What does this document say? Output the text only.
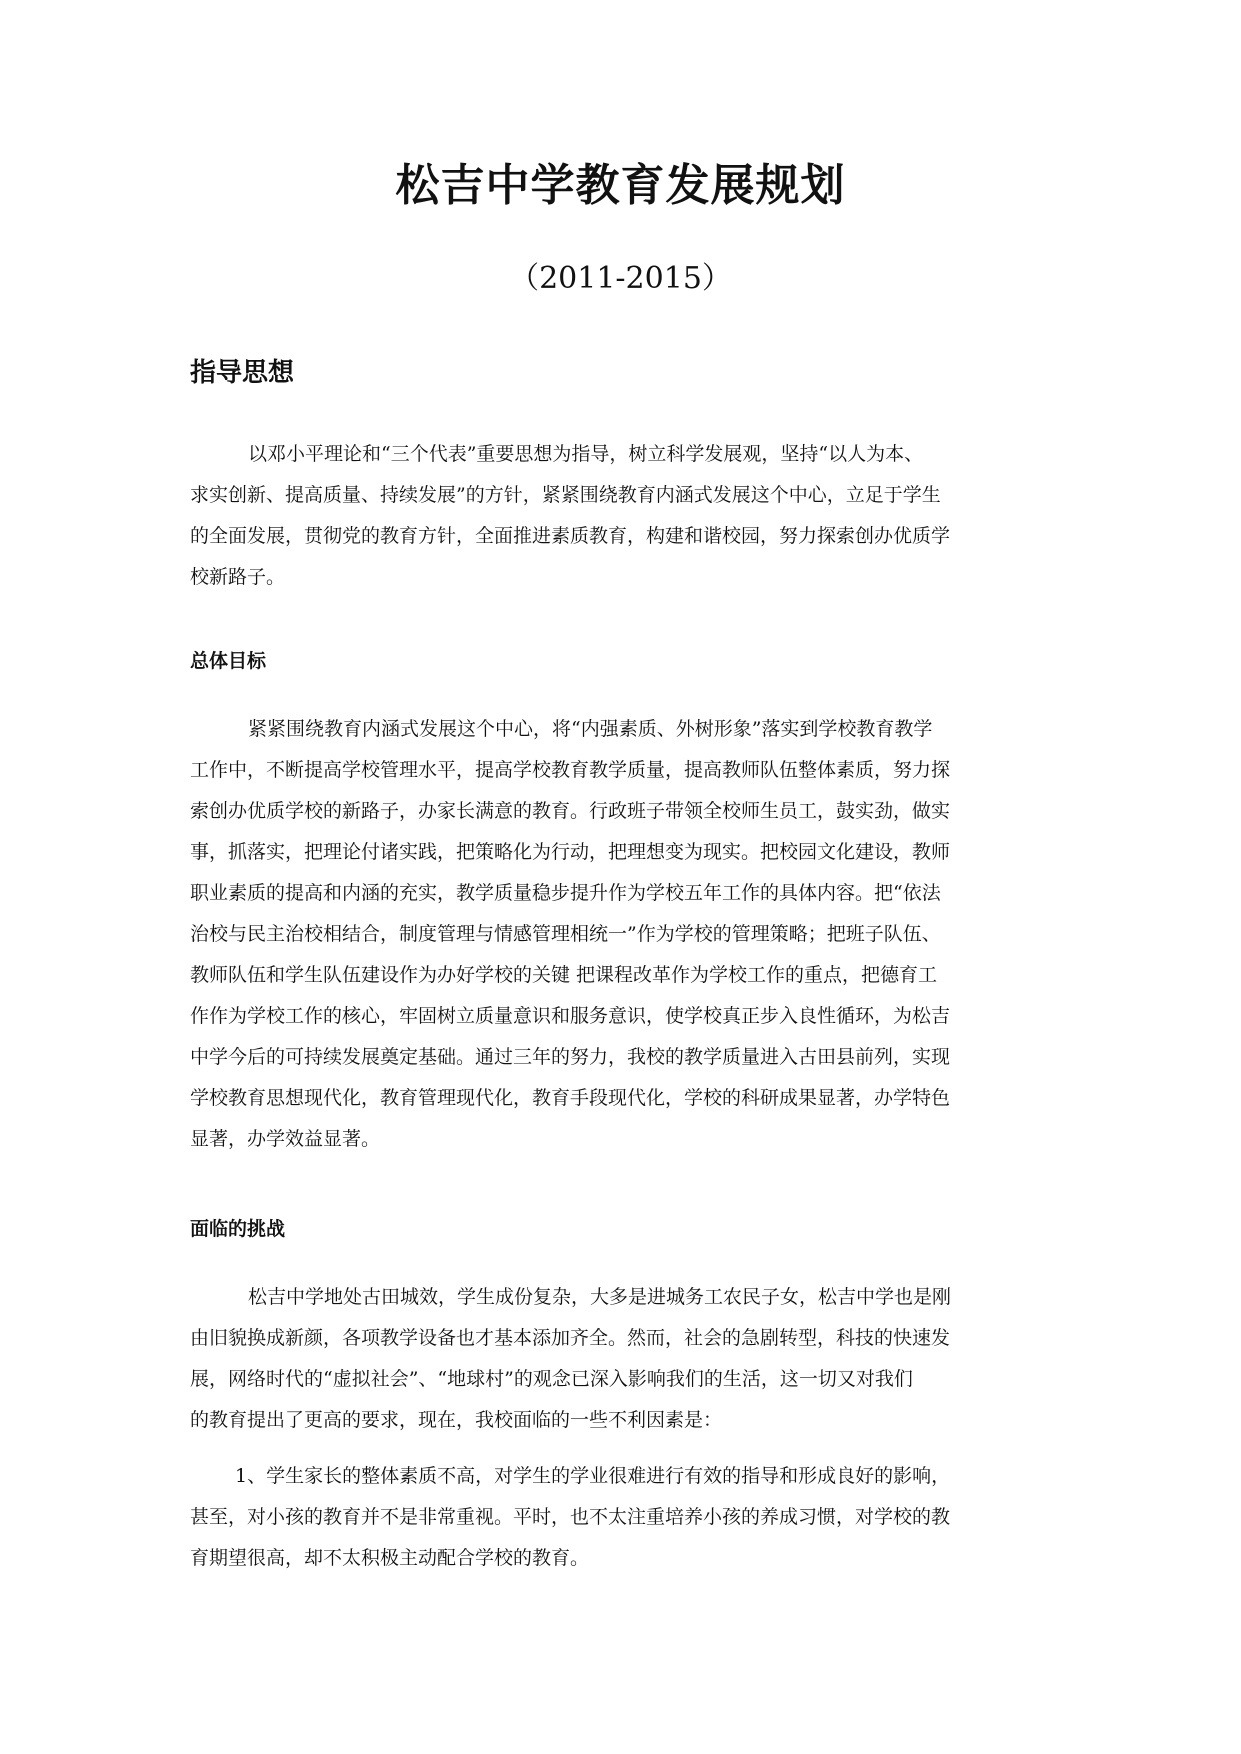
松吉中学教育发展规划
（2011-2015）
指导思想
以邓小平理论和“三个代表”重要思想为指导，树立科学发展观，坚持“以人为本、
求实创新、提高质量、持续发展”的方针，紧紧围绕教育内涵式发展这个中心，立足于学生
的全面发展，贯彻党的教育方针，全面推进素质教育，构建和谐校园，努力探索创办优质学
校新路子。
总体目标
紧紧围绕教育内涵式发展这个中心，将“内强素质、外树形象”落实到学校教育教学
工作中，不断提高学校管理水平，提高学校教育教学质量，提高教师队伍整体素质，努力探
索创办优质学校的新路子，办家长满意的教育。行政班子带领全校师生员工，鼓实劲，做实
事，抓落实，把理论付诸实践，把策略化为行动，把理想变为现实。把校园文化建设，教师
职业素质的提高和内涵的充实，教学质量稳步提升作为学校五年工作的具体内容。把“依法
治校与民主治校相结合，制度管理与情感管理相统一”作为学校的管理策略；把班子队伍、
教师队伍和学生队伍建设作为办好学校的关键 把课程改革作为学校工作的重点，把德育工
作作为学校工作的核心，牢固树立质量意识和服务意识，使学校真正步入良性循环，为松吉
中学今后的可持续发展奠定基础。通过三年的努力，我校的教学质量进入古田县前列，实现
学校教育思想现代化，教育管理现代化，教育手段现代化，学校的科研成果显著，办学特色
显著，办学效益显著。
面临的挑战
松吉中学地处古田城效，学生成份复杂，大多是进城务工农民子女，松吉中学也是刚
由旧貌换成新颜，各项教学设备也才基本添加齐全。然而，社会的急剧转型，科技的快速发
展，网络时代的“虚拟社会”、“地球村”的观念已深入影响我们的生活，这一切又对我们
的教育提出了更高的要求，现在，我校面临的一些不利因素是：
1、学生家长的整体素质不高，对学生的学业很难进行有效的指导和形成良好的影响，
甚至，对小孩的教育并不是非常重视。平时，也不太注重培养小孩的养成习惯，对学校的教
育期望很高，却不太积极主动配合学校的教育。
